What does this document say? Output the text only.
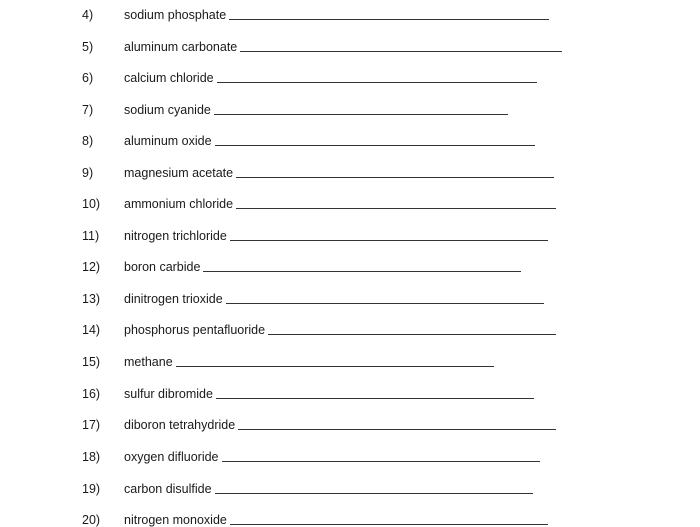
4)	sodium phosphate
5)	aluminum carbonate
6)	calcium chloride
7)	sodium cyanide
8)	aluminum oxide
9)	magnesium acetate
10)	ammonium chloride
11)	nitrogen trichloride
12)	boron carbide
13)	dinitrogen trioxide
14)	phosphorus pentafluoride
15)	methane
16)	sulfur dibromide
17)	diboron tetrahydride
18)	oxygen difluoride
19)	carbon disulfide
20)	nitrogen monoxide
